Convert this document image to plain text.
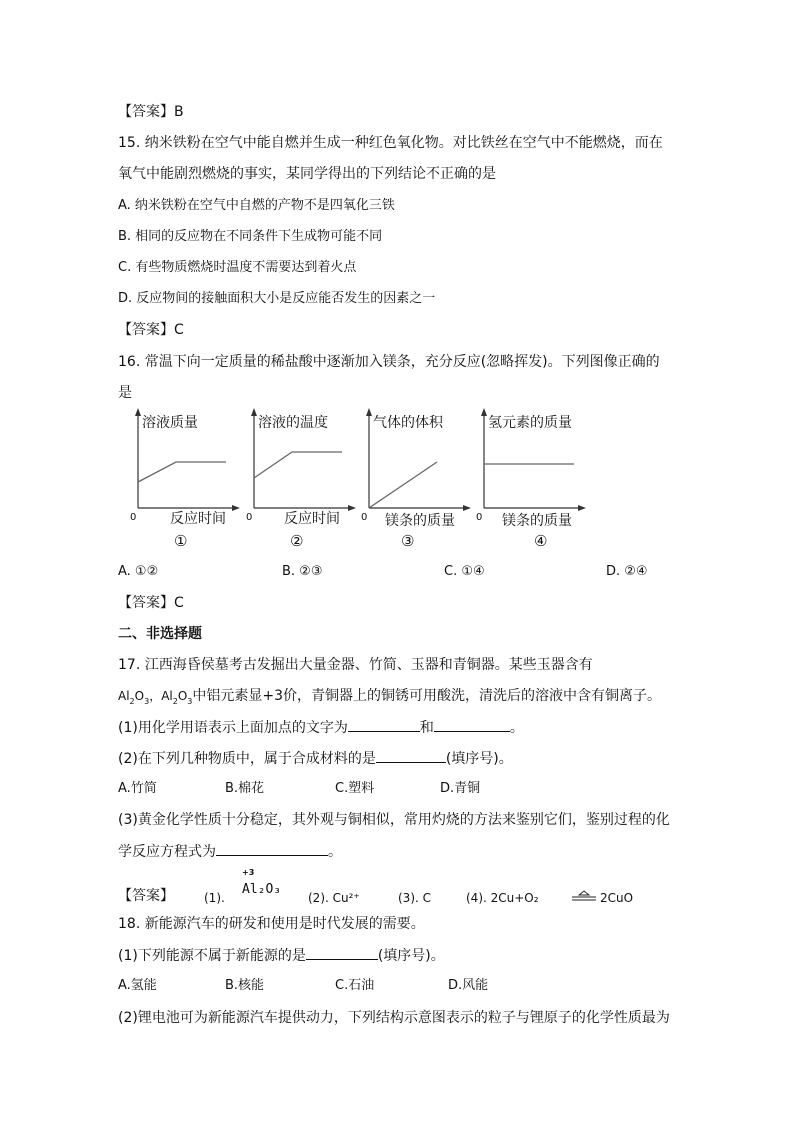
【答案】B
15. 纳米铁粉在空气中能自燃并生成一种红色氧化物。对比铁丝在空气中不能燃烧，而在
氧气中能剧烈燃烧的事实，某同学得出的下列结论不正确的是
A. 纳米铁粉在空气中自燃的产物不是四氧化三铁
B. 相同的反应物在不同条件下生成物可能不同
C. 有些物质燃烧时温度不需要达到着火点
D. 反应物间的接触面积大小是反应能否发生的因素之一
【答案】C
16. 常温下向一定质量的稀盐酸中逐渐加入镁条，充分反应(忽略挥发)。下列图像正确的
是
溶液质量
0 反应时间
①
溶液的温度
0 反应时间
②
气体的体积
0 镁条的质量
③
氢元素的质量
0 镁条的质量
④
A. ①②	B. ②③	C. ①④	D. ②④
【答案】C
二、非选择题
17. 江西海昏侯墓考古发掘出大量金器、竹简、玉器和青铜器。某些玉器含有
$Al_2O_3$，$Al_2O_3$中铝元素显+3价，青铜器上的铜锈可用酸洗，清洗后的溶液中含有铜离子。
(1)用化学用语表示上面加点的文字为	和	。
(2)在下列几种物质中，属于合成材料的是	(填序号)。
A.竹简	B.棉花	C.塑料	D.青铜
(3)黄金化学性质十分稳定，其外观与铜相似，常用灼烧的方法来鉴别它们，鉴别过程的化
学反应方程式为	。
【答案】	(1).
+3
Al₂O₃
(2). Cu²⁺	(3). C	(4). 2Cu+O₂	2CuO
18. 新能源汽车的研发和使用是时代发展的需要。
(1)下列能源不属于新能源的是	(填序号)。
A.氢能	B.核能	C.石油	D.风能
(2)锂电池可为新能源汽车提供动力，下列结构示意图表示的粒子与锂原子的化学性质最为
